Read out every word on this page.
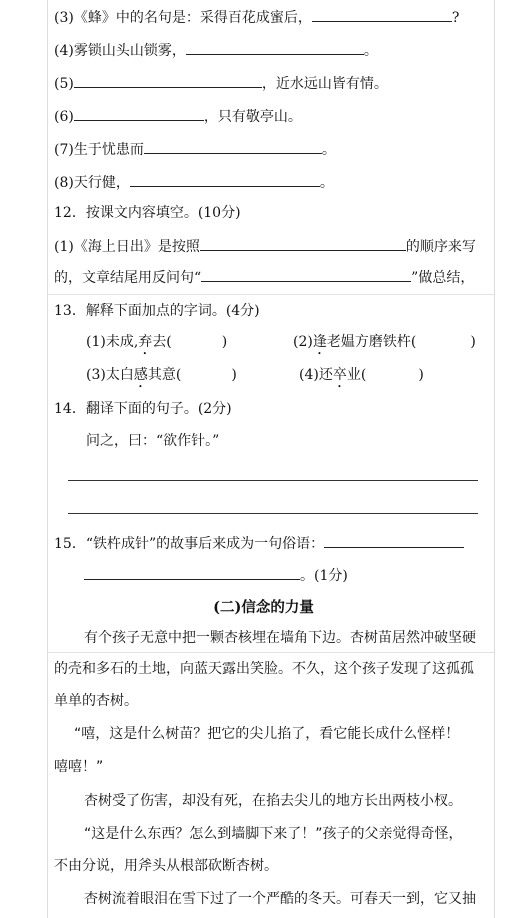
(3)《蜂》中的名句是：采得百花成蜜后，	?
(4)雾锁山头山锁雾，	。
(5)	，近水远山皆有情。
(6)	，只有敬亭山。
(7)生于忧患而	。
(8)天行健，	。
12．按课文内容填空。(10分)
(1)《海上日出》是按照	的顺序来写
的，文章结尾用反问句“	”做总结，
13．解释下面加点的字词。(4分)
(1)未成,弃去(	)	(2)逢老媪方磨铁杵(	)
(3)太白感其意(	)	(4)还卒业(	)
14．翻译下面的句子。(2分)
问之，曰：“欲作针。”
15．“铁杵成针”的故事后来成为一句俗语：
。(1分)
(二)信念的力量
有个孩子无意中把一颗杏核埋在墙角下边。杏树苗居然冲破坚硬
的壳和多石的土地，向蓝天露出笑脸。不久，这个孩子发现了这孤孤
单单的杏树。
“嘻，这是什么树苗？把它的尖儿掐了，看它能长成什么怪样！
嘻嘻！”
杏树受了伤害，却没有死，在掐去尖儿的地方长出两枝小杈。
“这是什么东西？怎么到墙脚下来了！”孩子的父亲觉得奇怪，
不由分说，用斧头从根部砍断杏树。
杏树流着眼泪在雪下过了一个严酷的冬天。可春天一到，它又抽
